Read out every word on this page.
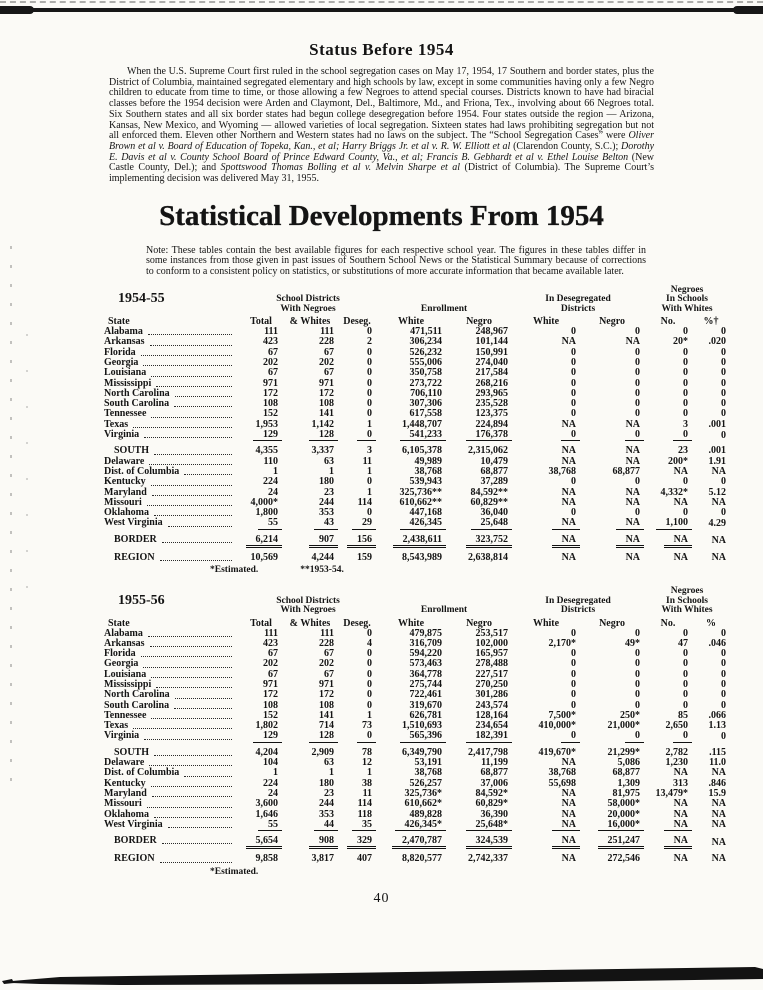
Status Before 1954

When the U.S. Supreme Court first ruled in the school segregation cases on May 17, 1954, 17 Southern and border states, plus the District of Columbia, maintained segregated elementary and high schools by law, except in some communities having only a few Negro children to educate from time to time, or those allowing a few Negroes to attend special courses. Districts known to have had biracial classes before the 1954 decision were Arden and Claymont, Del., Baltimore, Md., and Friona, Tex., involving about 66 Negroes total. Six Southern states and all six border states had begun college desegregation before 1954. Four states outside the region — Arizona, Kansas, New Mexico, and Wyoming — allowed varieties of local segregation. Sixteen states had laws prohibiting segregation but not all enforced them. Eleven other Northern and Western states had no laws on the subject. The “School Segregation Cases” were Oliver Brown et al v. Board of Education of Topeka, Kan., et al; Harry Briggs Jr. et al v. R. W. Elliott et al (Clarendon County, S.C.); Dorothy E. Davis et al v. County School Board of Prince Edward County, Va., et al; Francis B. Gebhardt et al v. Ethel Louise Belton (New Castle County, Del.); and Spottswood Thomas Bolling et al v. Melvin Sharpe et al (District of Columbia). The Supreme Court’s implementing decision was delivered May 31, 1955.

Statistical Developments From 1954

Note: These tables contain the best available figures for each respective school year. The figures in these tables differ in some instances from those given in past issues of Southern School News or the Statistical Summary because of corrections to conform to a consistent policy on statistics, or substitutions of more accurate information that became available later.

1954-55	School Districts
With Negroes	Enrollment

In Desegregated
Districts

Negroes
In Schools
With Whites

State	Total	& Whites	Deseg.	White	Negro	White	Negro	No.	%†

Alabama	111	111	0	471,511	248,967	0	0	0	0

Arkansas	423	228	2	306,234	101,144	NA	NA	20*	.020

Florida	67	67	0	526,232	150,991	0	0	0	0

Georgia	202	202	0	555,006	274,040	0	0	0	0

Louisiana	67	67	0	350,758	217,584	0	0	0	0

Mississippi	971	971	0	273,722	268,216	0	0	0	0

North Carolina	172	172	0	706,110	293,965	0	0	0	0

South Carolina	108	108	0	307,306	235,528	0	0	0	0

Tennessee	152	141	0	617,558	123,375	0	0	0	0

Texas	1,953	1,142	1	1,448,707	224,894	NA	NA	3	.001

Virginia	129	128	0	541,233	176,378	0	0	0	0

SOUTH	4,355	3,337	3	6,105,378	2,315,062	NA	NA	23	.001

Delaware	110	63	11	49,989	10,479	NA	NA	200*	1.91

Dist. of Columbia	1	1	1	38,768	68,877	38,768	68,877	NA	NA

Kentucky	224	180	0	539,943	37,289	0	0	0	0

Maryland	24	23	1	325,736**	84,592**	NA	NA	4,332*	5.12

Missouri	4,000*	244	114	610,662**	60,829**	NA	NA	NA	NA

Oklahoma	1,800	353	0	447,168	36,040	0	0	0	0

West Virginia	55	43	29	426,345	25,648	NA	NA	1,100	4.29

BORDER	6,214	907	156	2,438,611	323,752	NA	NA	NA	NA

REGION	10,569	4,244	159	8,543,989	2,638,814	NA	NA	NA	NA
*Estimated.	**1953-54.
1955-56	School Districts
With Negroes	Enrollment

In Desegregated
Districts

Negroes
In Schools
With Whites

State	Total	& Whites	Deseg.	White	Negro	White	Negro	No.	%

Alabama	111	111	0	479,875	253,517	0	0	0	0

Arkansas	423	228	4	316,709	102,000	2,170*	49*	47	.046

Florida	67	67	0	594,220	165,957	0	0	0	0

Georgia	202	202	0	573,463	278,488	0	0	0	0

Louisiana	67	67	0	364,778	227,517	0	0	0	0

Mississippi	971	971	0	275,744	270,250	0	0	0	0

North Carolina	172	172	0	722,461	301,286	0	0	0	0

South Carolina	108	108	0	319,670	243,574	0	0	0	0

Tennessee	152	141	1	626,781	128,164	7,500*	250*	85	.066

Texas	1,802	714	73	1,510,693	234,654	410,000*	21,000*	2,650	1.13

Virginia	129	128	0	565,396	182,391	0	0	0	0

SOUTH	4,204	2,909	78	6,349,790	2,417,798	419,670*	21,299*	2,782	.115

Delaware	104	63	12	53,191	11,199	NA	5,086	1,230	11.0

Dist. of Columbia	1	1	1	38,768	68,877	38,768	68,877	NA	NA

Kentucky	224	180	38	526,257	37,006	55,698	1,309	313	.846

Maryland	24	23	11	325,736*	84,592*	NA	81,975	13,479*	15.9

Missouri	3,600	244	114	610,662*	60,829*	NA	58,000*	NA	NA

Oklahoma	1,646	353	118	489,828	36,390	NA	20,000*	NA	NA

West Virginia	55	44	35	426,345*	25,648*	NA	16,000*	NA	NA

BORDER	5,654	908	329	2,470,787	324,539	NA	251,247	NA	NA

REGION	9,858	3,817	407	8,820,577	2,742,337	NA	272,546	NA	NA
*Estimated.
40
